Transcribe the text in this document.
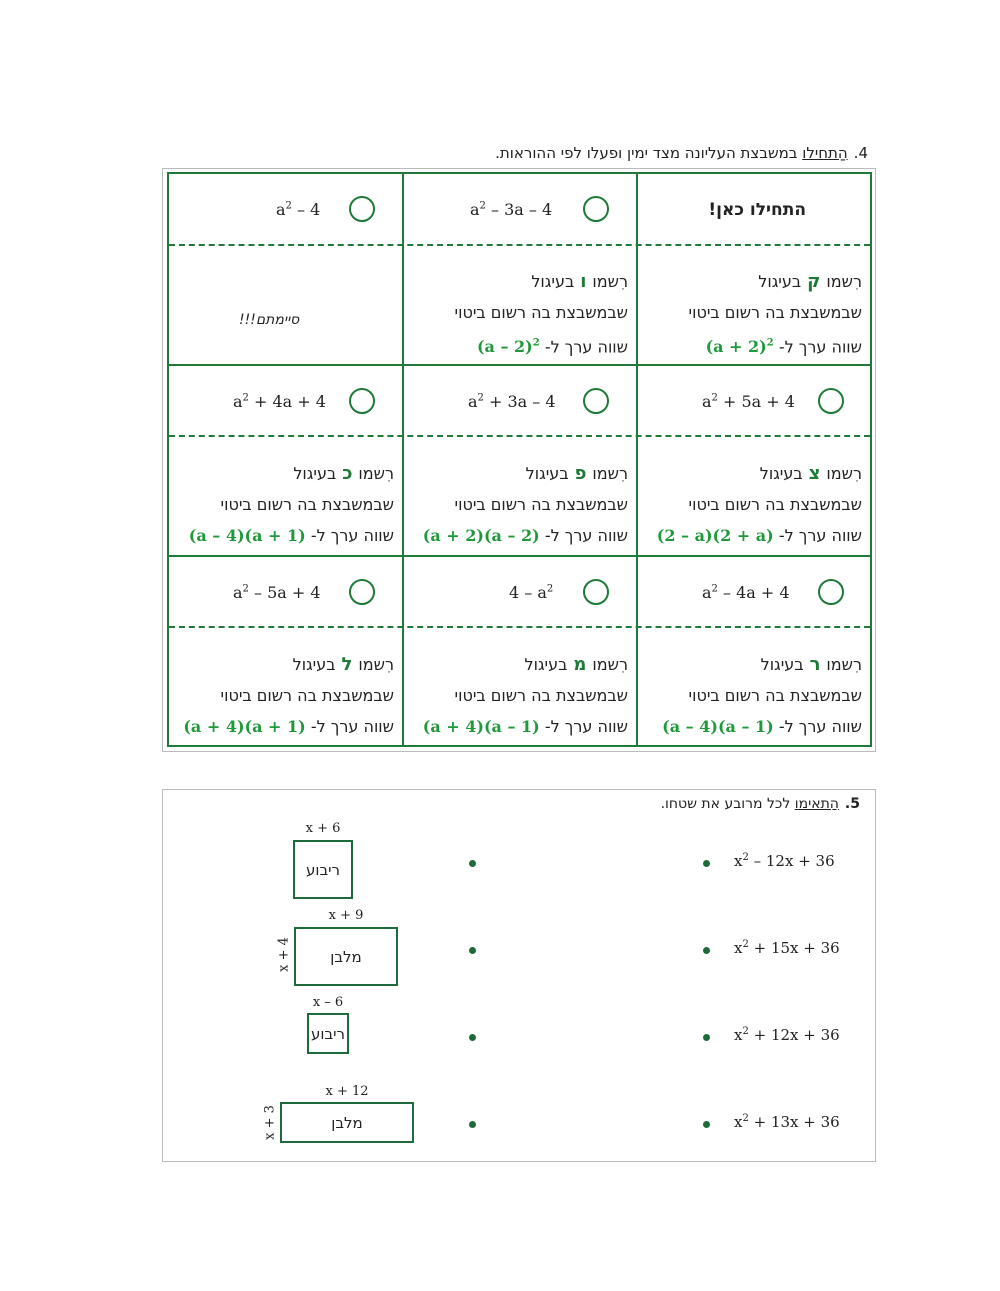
4.הַתחילו במשבצת העליונה מצד ימין ופעלו לפי ההוראות.
$a^2 - 4$
סיימתם!!!
$a^2 - 3a - 4$
רִשמוובעיגול
שבמשבצת בה רשום ביטוי
שווה ערך ל- (a – 2)$^2$
התחילו כאן!
רִשמוקבעיגול
שבמשבצת בה רשום ביטוי
שווה ערך ל- $(a + 2)^2$
$a^2 + 4a + 4$
רִשמוכבעיגול
שבמשבצת בה רשום ביטוי
שווה ערך ל- (a – 4)(a + 1)
$a^2 + 3a - 4$
רִשמופבעיגול
שבמשבצת בה רשום ביטוי
שווה ערך ל- (a + 2)(a – 2)
$a^2 + 5a + 4$
רִשמוצבעיגול
שבמשבצת בה רשום ביטוי
שווה ערך ל- (2 – a)(2 + a)
$a^2 - 5a + 4$
רִשמולבעיגול
שבמשבצת בה רשום ביטוי
שווה ערך ל- (a + 4)(a + 1)
$4 - a^2$
רִשמומבעיגול
שבמשבצת בה רשום ביטוי
שווה ערך ל- (a + 4)(a – 1)
$a^2 - 4a + 4$
רִשמורבעיגול
שבמשבצת בה רשום ביטוי
שווה ערך ל- (a – 4)(a – 1)
5.הַתאימו לכל מרובע את שטחו.
$x^2 - 12x + 36$
$x^2 + 15x + 36$
$x^2 + 12x + 36$
$x^2 + 13x + 36$
x + 6
ריבוע
x + 9
x + 4	מלבן
x – 6
ריבוע
x + 12
x + 3	מלבן
